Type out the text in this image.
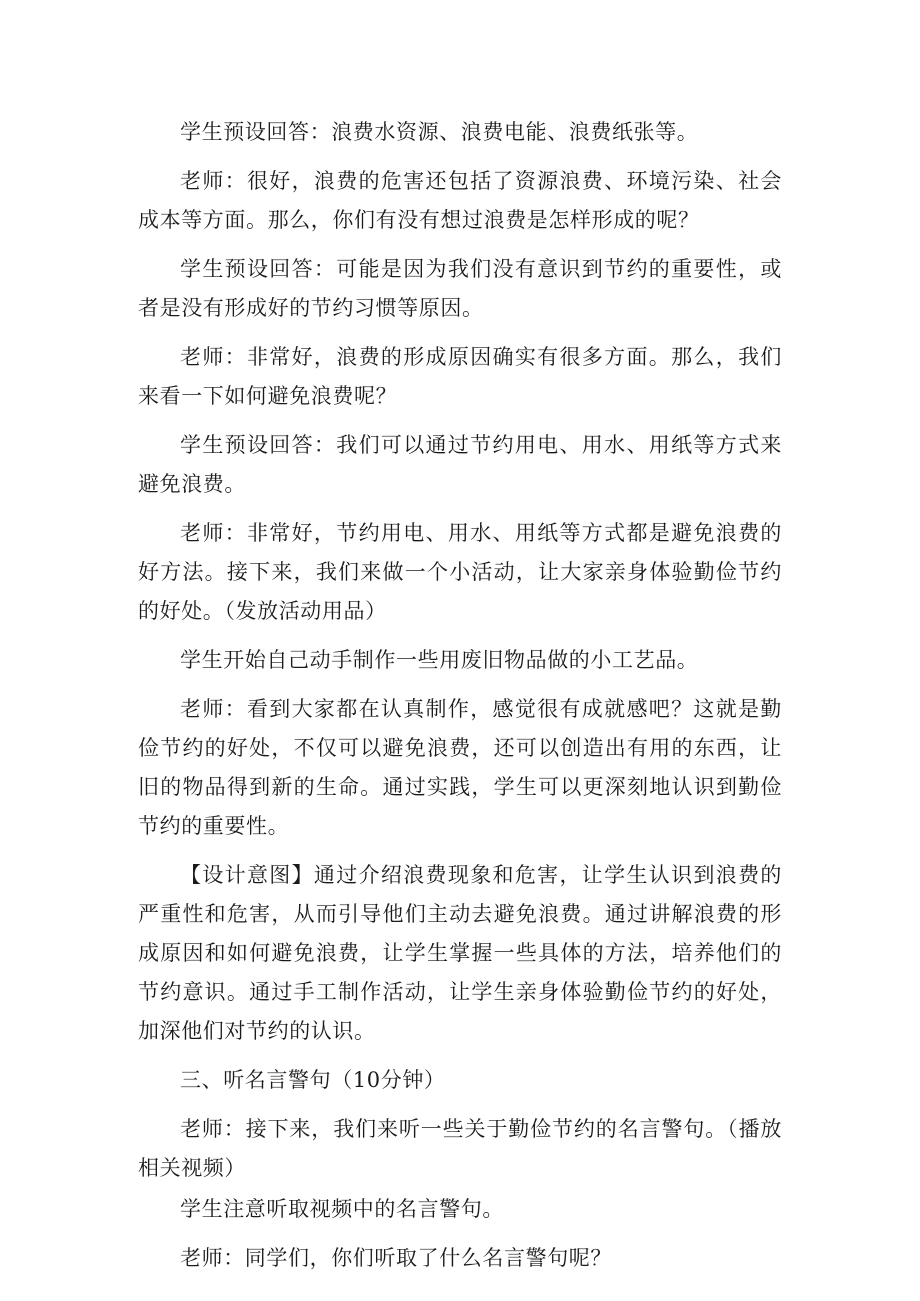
学生预设回答：浪费水资源、浪费电能、浪费纸张等。

老师：很好，浪费的危害还包括了资源浪费、环境污染、社会成本等方面。那么，你们有没有想过浪费是怎样形成的呢？

学生预设回答：可能是因为我们没有意识到节约的重要性，或者是没有形成好的节约习惯等原因。

老师：非常好，浪费的形成原因确实有很多方面。那么，我们来看一下如何避免浪费呢？

学生预设回答：我们可以通过节约用电、用水、用纸等方式来避免浪费。

老师：非常好，节约用电、用水、用纸等方式都是避免浪费的好方法。接下来，我们来做一个小活动，让大家亲身体验勤俭节约的好处。（发放活动用品）

学生开始自己动手制作一些用废旧物品做的小工艺品。

老师：看到大家都在认真制作，感觉很有成就感吧？这就是勤俭节约的好处，不仅可以避免浪费，还可以创造出有用的东西，让旧的物品得到新的生命。通过实践，学生可以更深刻地认识到勤俭节约的重要性。

【设计意图】通过介绍浪费现象和危害，让学生认识到浪费的严重性和危害，从而引导他们主动去避免浪费。通过讲解浪费的形成原因和如何避免浪费，让学生掌握一些具体的方法，培养他们的节约意识。通过手工制作活动，让学生亲身体验勤俭节约的好处，加深他们对节约的认识。

三、听名言警句（10分钟）

老师：接下来，我们来听一些关于勤俭节约的名言警句。（播放相关视频）

学生注意听取视频中的名言警句。

老师：同学们，你们听取了什么名言警句呢？
